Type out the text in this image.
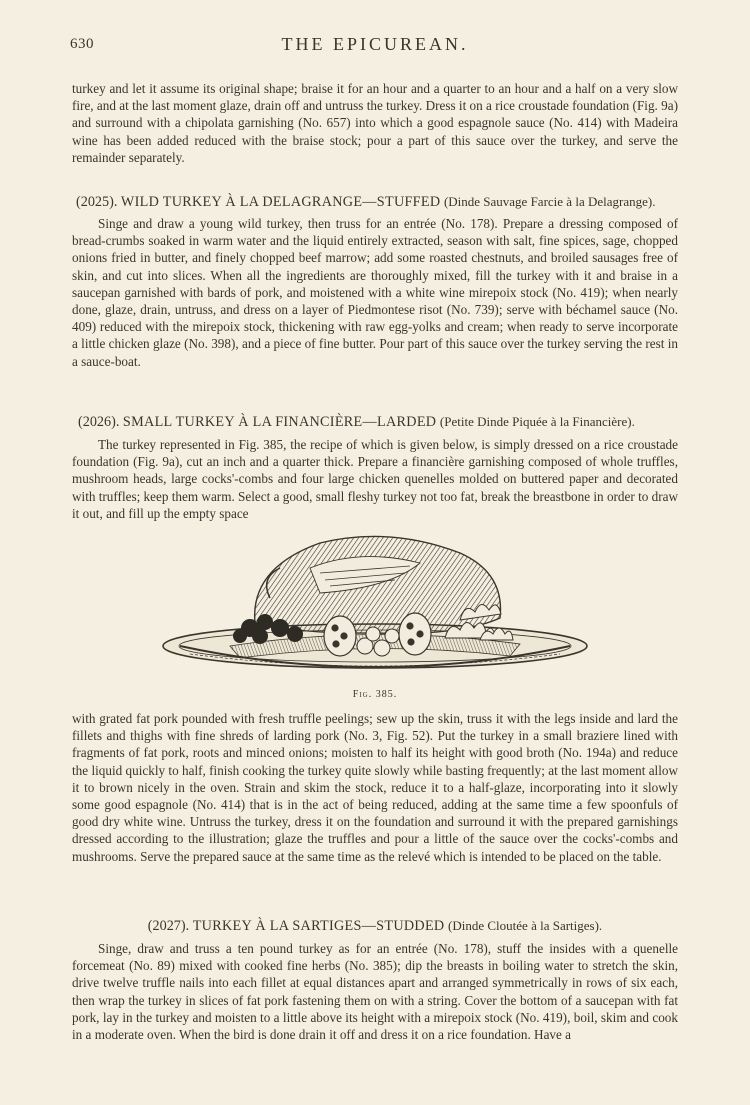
630	THE EPICUREAN.

turkey and let it assume its original shape; braise it for an hour and a quarter to an hour and a half on a very slow fire, and at the last moment glaze, drain off and untruss the turkey. Dress it on a rice croustade foundation (Fig. 9a) and surround with a chipolata garnishing (No. 657) into which a good espagnole sauce (No. 414) with Madeira wine has been added reduced with the braise stock; pour a part of this sauce over the turkey, and serve the remainder separately.

(2025). WILD TURKEY À LA DELAGRANGE—STUFFED (Dinde Sauvage Farcie à la Delagrange).

Singe and draw a young wild turkey, then truss for an entrée (No. 178). Prepare a dressing composed of bread-crumbs soaked in warm water and the liquid entirely extracted, season with salt, fine spices, sage, chopped onions fried in butter, and finely chopped beef marrow; add some roasted chestnuts, and broiled sausages free of skin, and cut into slices. When all the ingredients are thoroughly mixed, fill the turkey with it and braise in a saucepan garnished with bards of pork, and moistened with a white wine mirepoix stock (No. 419); when nearly done, glaze, drain, untruss, and dress on a layer of Piedmontese risot (No. 739); serve with béchamel sauce (No. 409) reduced with the mirepoix stock, thickening with raw egg-yolks and cream; when ready to serve incorporate a little chicken glaze (No. 398), and a piece of fine butter. Pour part of this sauce over the turkey serving the rest in a sauce-boat.

(2026). SMALL TURKEY À LA FINANCIÈRE—LARDED (Petite Dinde Piquée à la Financière).

The turkey represented in Fig. 385, the recipe of which is given below, is simply dressed on a rice croustade foundation (Fig. 9a), cut an inch and a quarter thick. Prepare a financière garnishing composed of whole truffles, mushroom heads, large cocks'-combs and four large chicken quenelles molded on buttered paper and decorated with truffles; keep them warm. Select a good, small fleshy turkey not too fat, break the breastbone in order to draw it out, and fill up the empty space

Fig. 385.

with grated fat pork pounded with fresh truffle peelings; sew up the skin, truss it with the legs inside and lard the fillets and thighs with fine shreds of larding pork (No. 3, Fig. 52). Put the turkey in a small braziere lined with fragments of fat pork, roots and minced onions; moisten to half its height with good broth (No. 194a) and reduce the liquid quickly to half, finish cooking the turkey quite slowly while basting frequently; at the last moment allow it to brown nicely in the oven. Strain and skim the stock, reduce it to a half-glaze, incorporating into it slowly some good espagnole (No. 414) that is in the act of being reduced, adding at the same time a few spoonfuls of good dry white wine. Untruss the turkey, dress it on the foundation and surround it with the prepared garnishings dressed according to the illustration; glaze the truffles and pour a little of the sauce over the cocks'-combs and mushrooms. Serve the prepared sauce at the same time as the relevé which is intended to be placed on the table.

(2027). TURKEY À LA SARTIGES—STUDDED (Dinde Cloutée à la Sartiges).

Singe, draw and truss a ten pound turkey as for an entrée (No. 178), stuff the insides with a quenelle forcemeat (No. 89) mixed with cooked fine herbs (No. 385); dip the breasts in boiling water to stretch the skin, drive twelve truffle nails into each fillet at equal distances apart and arranged symmetrically in rows of six each, then wrap the turkey in slices of fat pork fastening them on with a string. Cover the bottom of a saucepan with fat pork, lay in the turkey and moisten to a little above its height with a mirepoix stock (No. 419), boil, skim and cook in a moderate oven. When the bird is done drain it off and dress it on a rice foundation. Have a
